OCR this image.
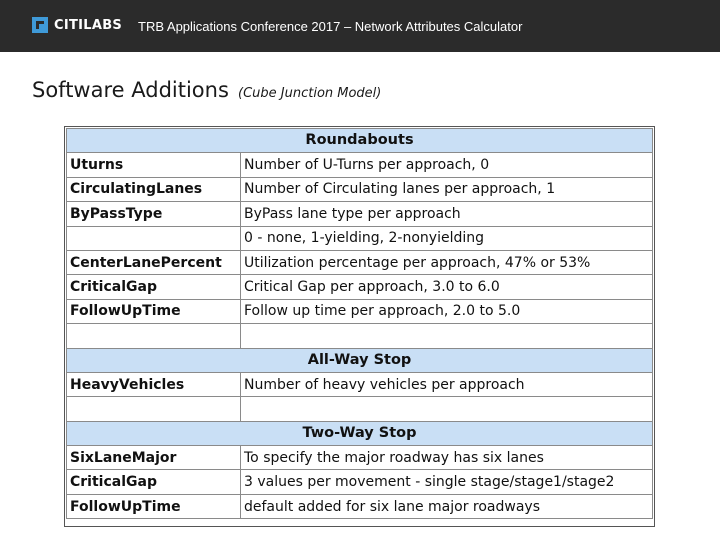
CITILABS TRB Applications Conference 2017 – Network Attributes Calculator
Software Additions (Cube Junction Model)
Roundabouts	
Uturns	Number of U-Turns per approach, 0
CirculatingLanes	Number of Circulating lanes per approach, 1
ByPassType	ByPass lane type per approach
	0 - none, 1-yielding, 2-nonyielding
CenterLanePercent	Utilization percentage per approach, 47% or 53%
CriticalGap	Critical Gap per approach, 3.0 to 6.0
FollowUpTime	Follow up time per approach, 2.0 to 5.0

All-Way Stop	
HeavyVehicles	Number of heavy vehicles per approach

Two-Way Stop	
SixLaneMajor	To specify the major roadway has six lanes
CriticalGap	3 values per movement - single stage/stage1/stage2
FollowUpTime	default added for six lane major roadways
